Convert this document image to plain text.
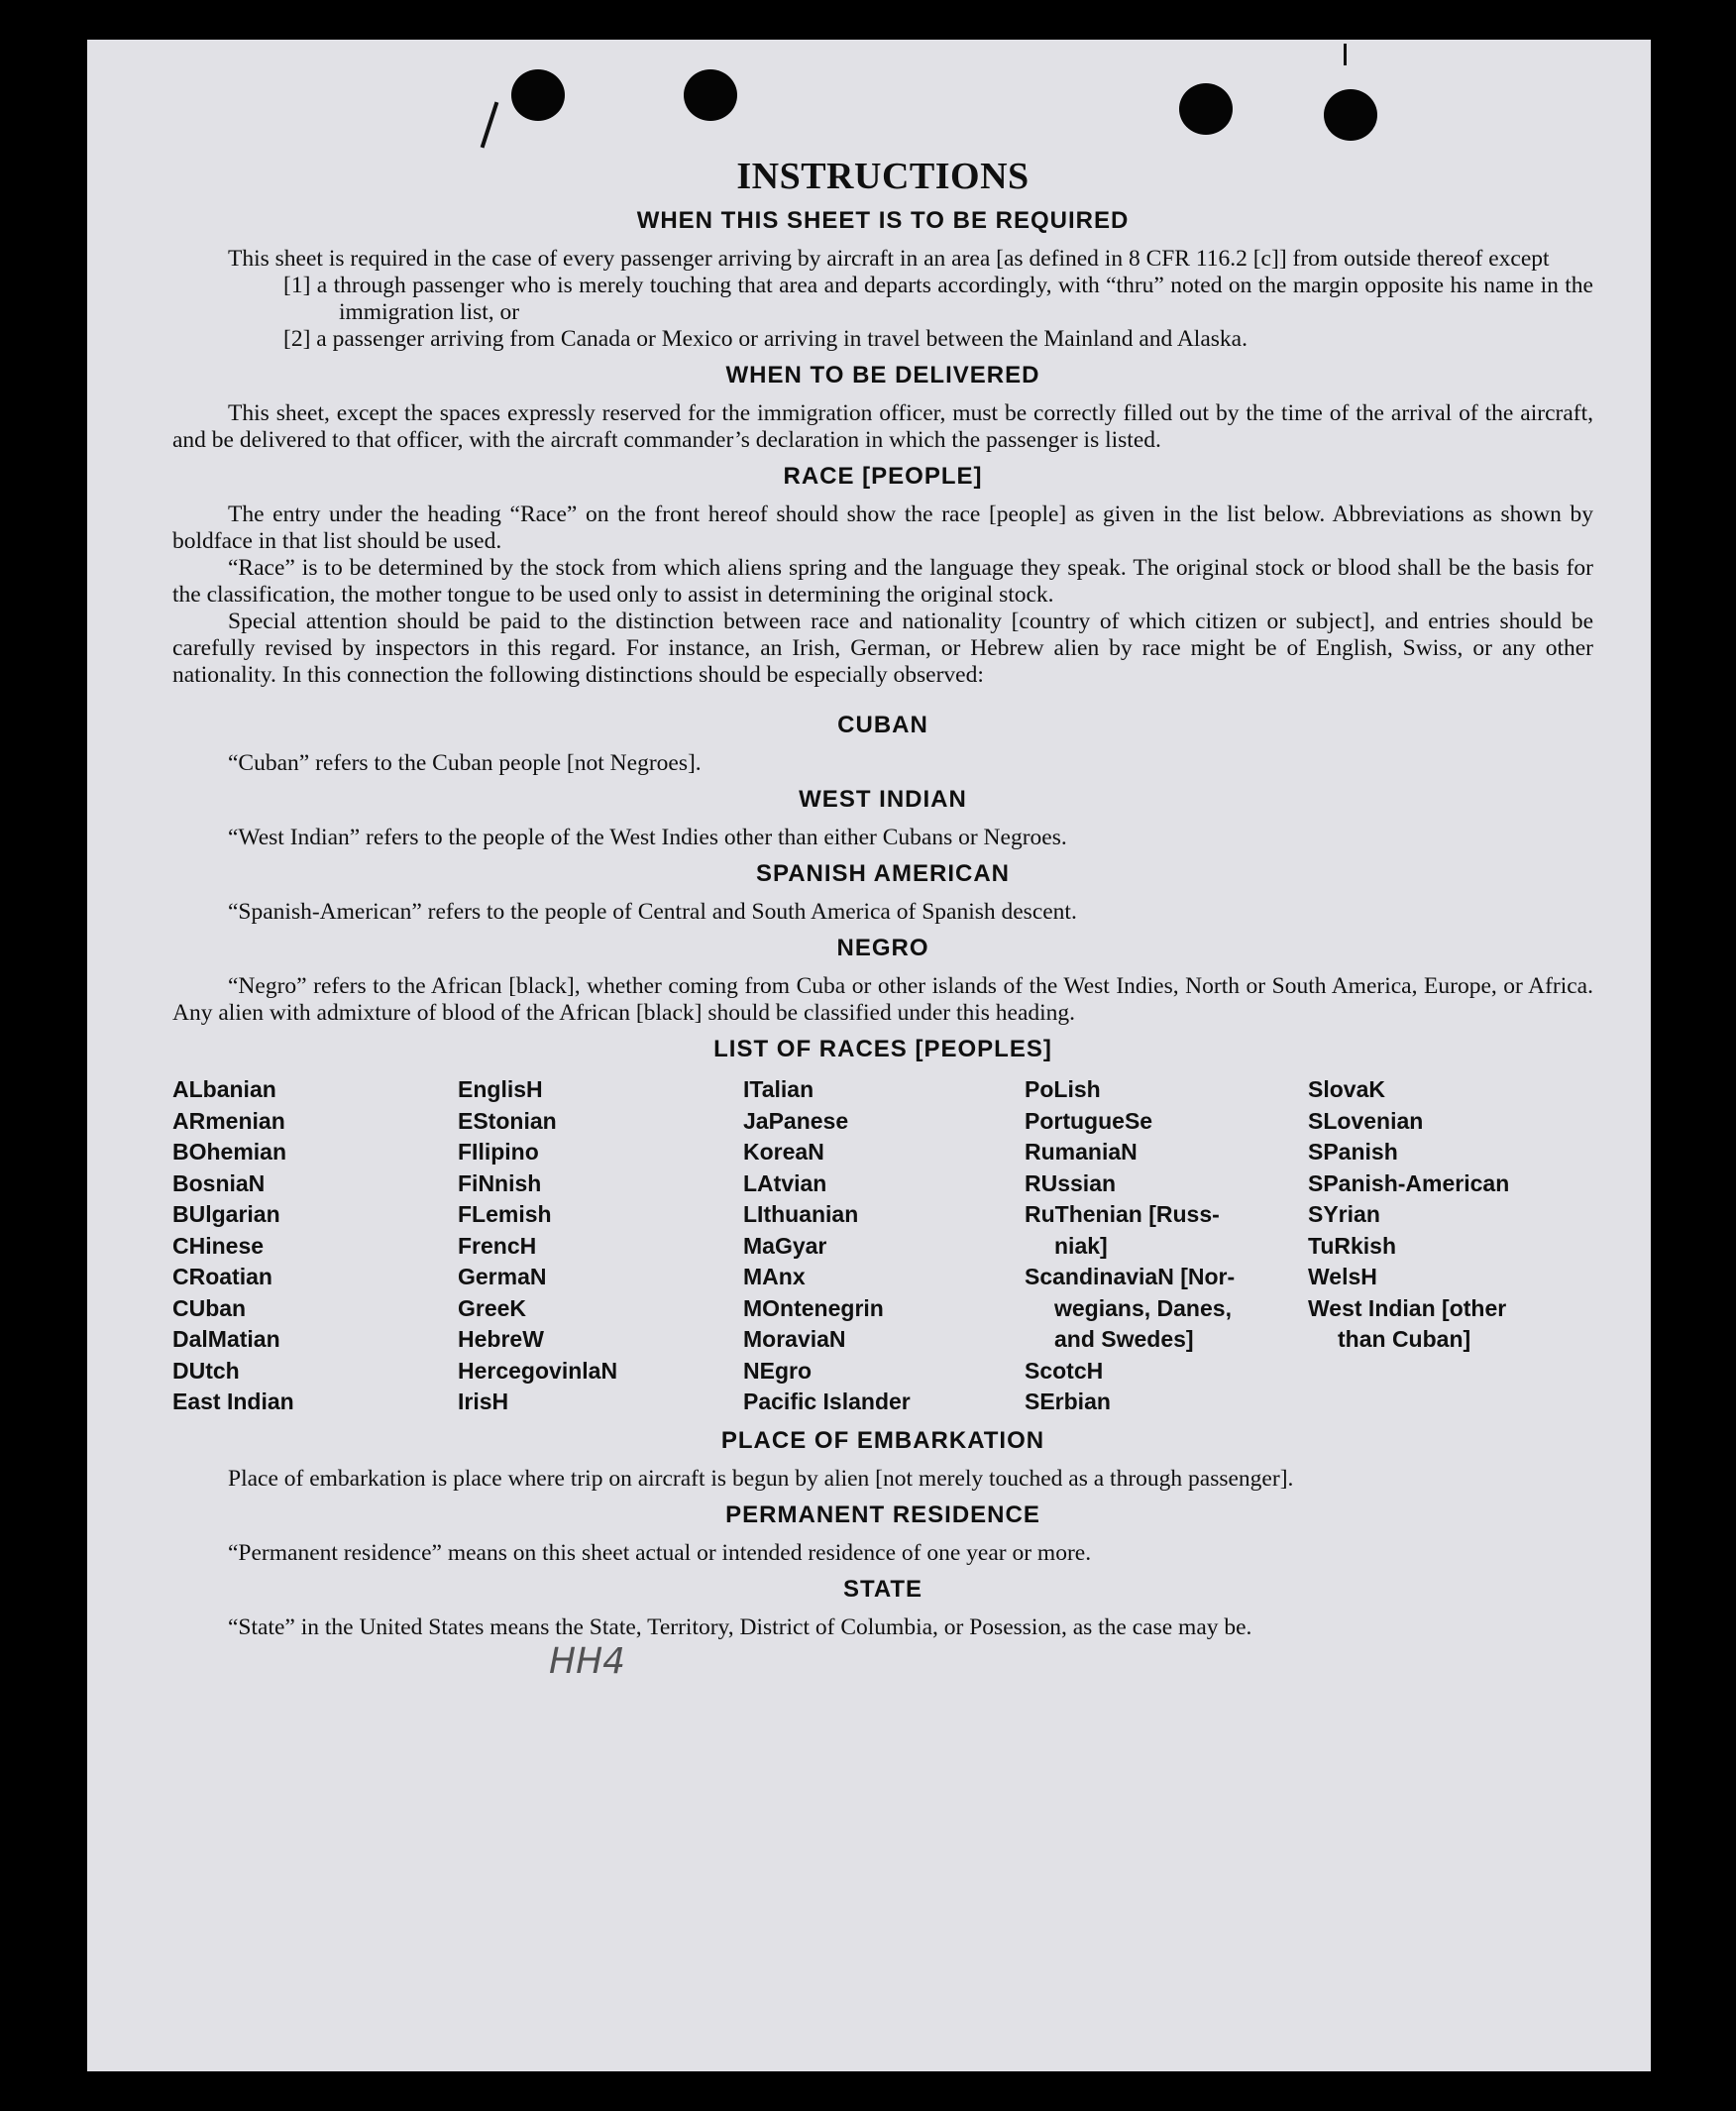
HH4
INSTRUCTIONS
WHEN THIS SHEET IS TO BE REQUIRED

This sheet is required in the case of every passenger arriving by aircraft in an area [as defined in 8 CFR 116.2 [c]] from outside thereof except

[1] a through passenger who is merely touching that area and departs accordingly, with “thru” noted on the margin opposite his name in the immigration list, or

[2] a passenger arriving from Canada or Mexico or arriving in travel between the Mainland and Alaska.

WHEN TO BE DELIVERED

This sheet, except the spaces expressly reserved for the immigration officer, must be correctly filled out by the time of the arrival of the aircraft, and be delivered to that officer, with the aircraft commander’s declaration in which the passenger is listed.

RACE [PEOPLE]

The entry under the heading “Race” on the front hereof should show the race [people] as given in the list below. Abbreviations as shown by boldface in that list should be used.

“Race” is to be determined by the stock from which aliens spring and the language they speak. The original stock or blood shall be the basis for the classification, the mother tongue to be used only to assist in determining the original stock.

Special attention should be paid to the distinction between race and nationality [country of which citizen or subject], and entries should be carefully revised by inspectors in this regard. For instance, an Irish, German, or Hebrew alien by race might be of English, Swiss, or any other nationality. In this connection the following distinctions should be especially observed:

CUBAN

“Cuban” refers to the Cuban people [not Negroes].

WEST INDIAN

“West Indian” refers to the people of the West Indies other than either Cubans or Negroes.

SPANISH AMERICAN

“Spanish-American” refers to the people of Central and South America of Spanish descent.

NEGRO

“Negro” refers to the African [black], whether coming from Cuba or other islands of the West Indies, North or South America, Europe, or Africa. Any alien with admixture of blood of the African [black] should be classified under this heading.

LIST OF RACES [PEOPLES]
ALbanian
ARmenian
BOhemian
BosniaN
BUlgarian
CHinese
CRoatian
CUban
DalMatian
DUtch
East Indian
EnglisH
EStonian
FIlipino
FiNnish
FLemish
FrencH
GermaN
GreeK
HebreW
HercegovinlaN
IrisH
ITalian
JaPanese
KoreaN
LAtvian
LIthuanian
MaGyar
MAnx
MOntenegrin
MoraviaN
NEgro
Pacific Islander
PoLish
PortugueSe
RumaniaN
RUssian
RuThenian [Russ-
niak]
ScandinaviaN [Nor-
wegians, Danes,
and Swedes]
ScotcH
SErbian
SlovaK
SLovenian
SPanish
SPanish-American
SYrian
TuRkish
WelsH
West Indian [other
than Cuban]
PLACE OF EMBARKATION

Place of embarkation is place where trip on aircraft is begun by alien [not merely touched as a through passenger].

PERMANENT RESIDENCE

“Permanent residence” means on this sheet actual or intended residence of one year or more.

STATE

“State” in the United States means the State, Territory, District of Columbia, or Posession, as the case may be.
